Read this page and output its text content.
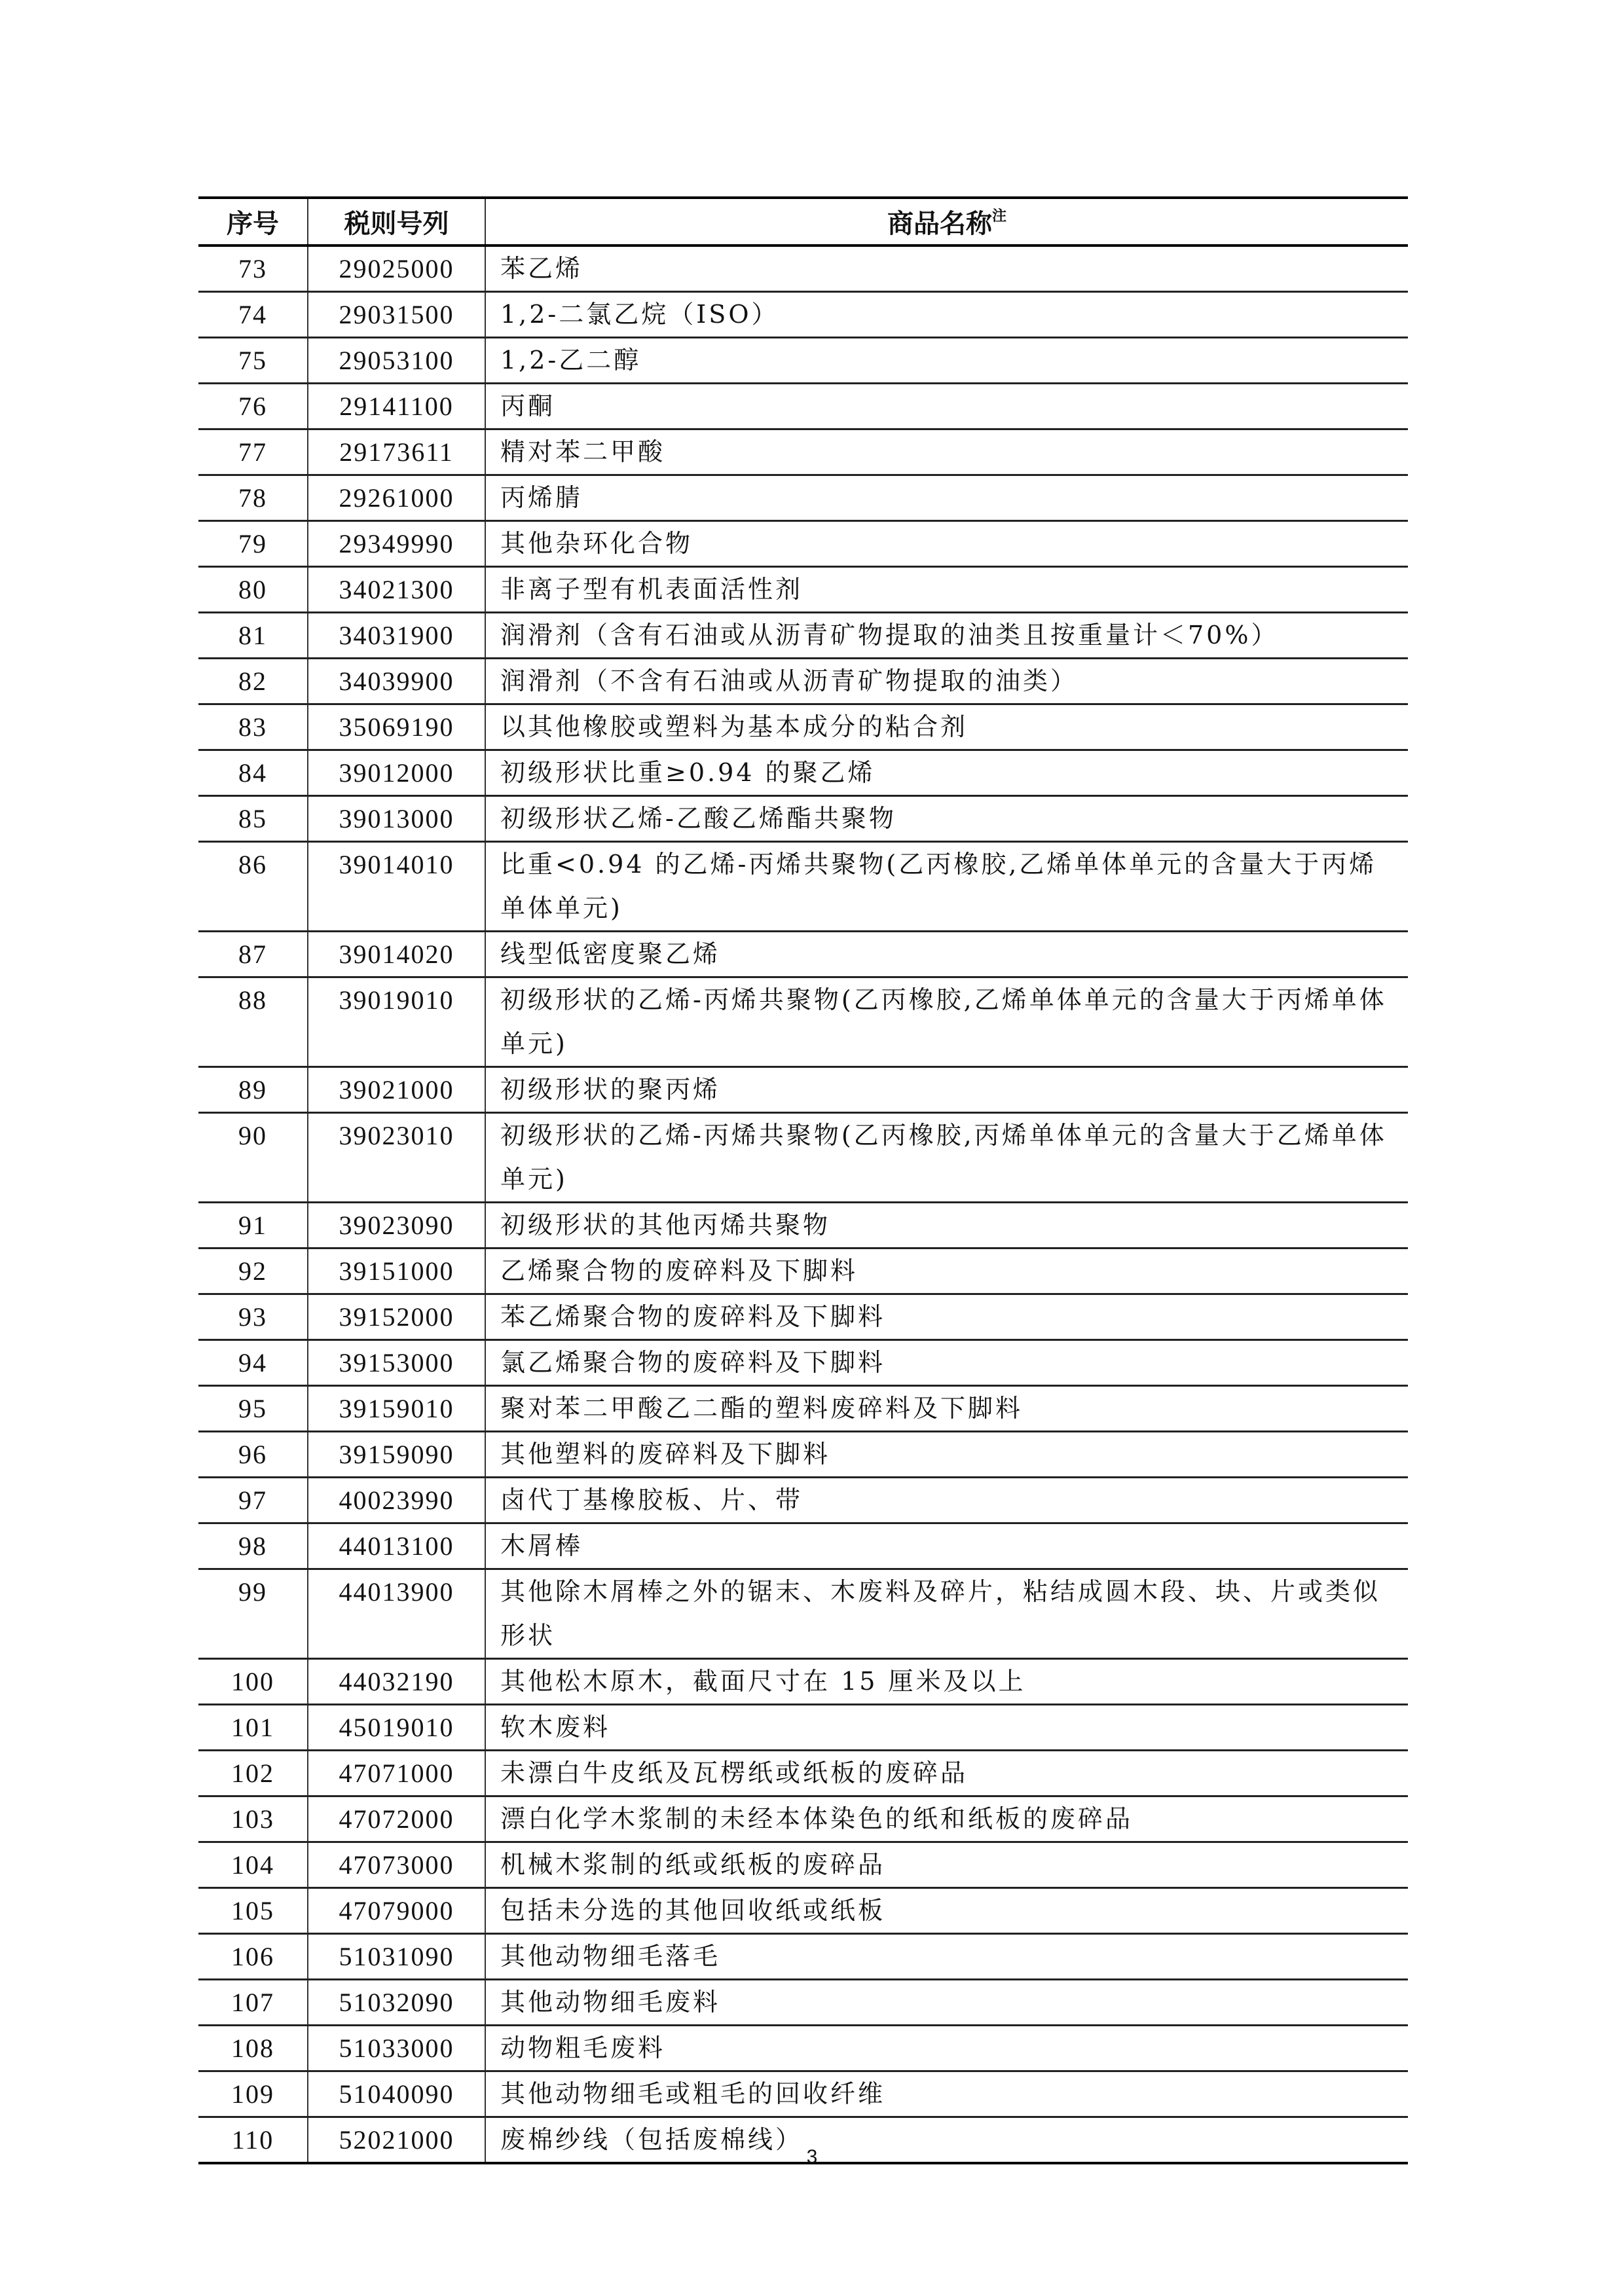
序号	税则号列	商品名称$^注$
73	29025000	苯乙烯
74	29031500	1,2-二氯乙烷（ISO）
75	29053100	1,2-乙二醇
76	29141100	丙酮
77	29173611	精对苯二甲酸
78	29261000	丙烯腈
79	29349990	其他杂环化合物
80	34021300	非离子型有机表面活性剂
81	34031900	润滑剂（含有石油或从沥青矿物提取的油类且按重量计＜70%）
82	34039900	润滑剂（不含有石油或从沥青矿物提取的油类）
83	35069190	以其他橡胶或塑料为基本成分的粘合剂
84	39012000	初级形状比重≥0.94 的聚乙烯
85	39013000	初级形状乙烯-乙酸乙烯酯共聚物
86	39014010	比重<0.94 的乙烯-丙烯共聚物(乙丙橡胶,乙烯单体单元的含量大于丙烯单体单元)
87	39014020	线型低密度聚乙烯
88	39019010	初级形状的乙烯-丙烯共聚物(乙丙橡胶,乙烯单体单元的含量大于丙烯单体单元)
89	39021000	初级形状的聚丙烯
90	39023010	初级形状的乙烯-丙烯共聚物(乙丙橡胶,丙烯单体单元的含量大于乙烯单体单元)
91	39023090	初级形状的其他丙烯共聚物
92	39151000	乙烯聚合物的废碎料及下脚料
93	39152000	苯乙烯聚合物的废碎料及下脚料
94	39153000	氯乙烯聚合物的废碎料及下脚料
95	39159010	聚对苯二甲酸乙二酯的塑料废碎料及下脚料
96	39159090	其他塑料的废碎料及下脚料
97	40023990	卤代丁基橡胶板、片、带
98	44013100	木屑棒
99	44013900	其他除木屑棒之外的锯末、木废料及碎片，粘结成圆木段、块、片或类似形状
100	44032190	其他松木原木，截面尺寸在 15 厘米及以上
101	45019010	软木废料
102	47071000	未漂白牛皮纸及瓦楞纸或纸板的废碎品
103	47072000	漂白化学木浆制的未经本体染色的纸和纸板的废碎品
104	47073000	机械木浆制的纸或纸板的废碎品
105	47079000	包括未分选的其他回收纸或纸板
106	51031090	其他动物细毛落毛
107	51032090	其他动物细毛废料
108	51033000	动物粗毛废料
109	51040090	其他动物细毛或粗毛的回收纤维
110	52021000	废棉纱线（包括废棉线）
3
